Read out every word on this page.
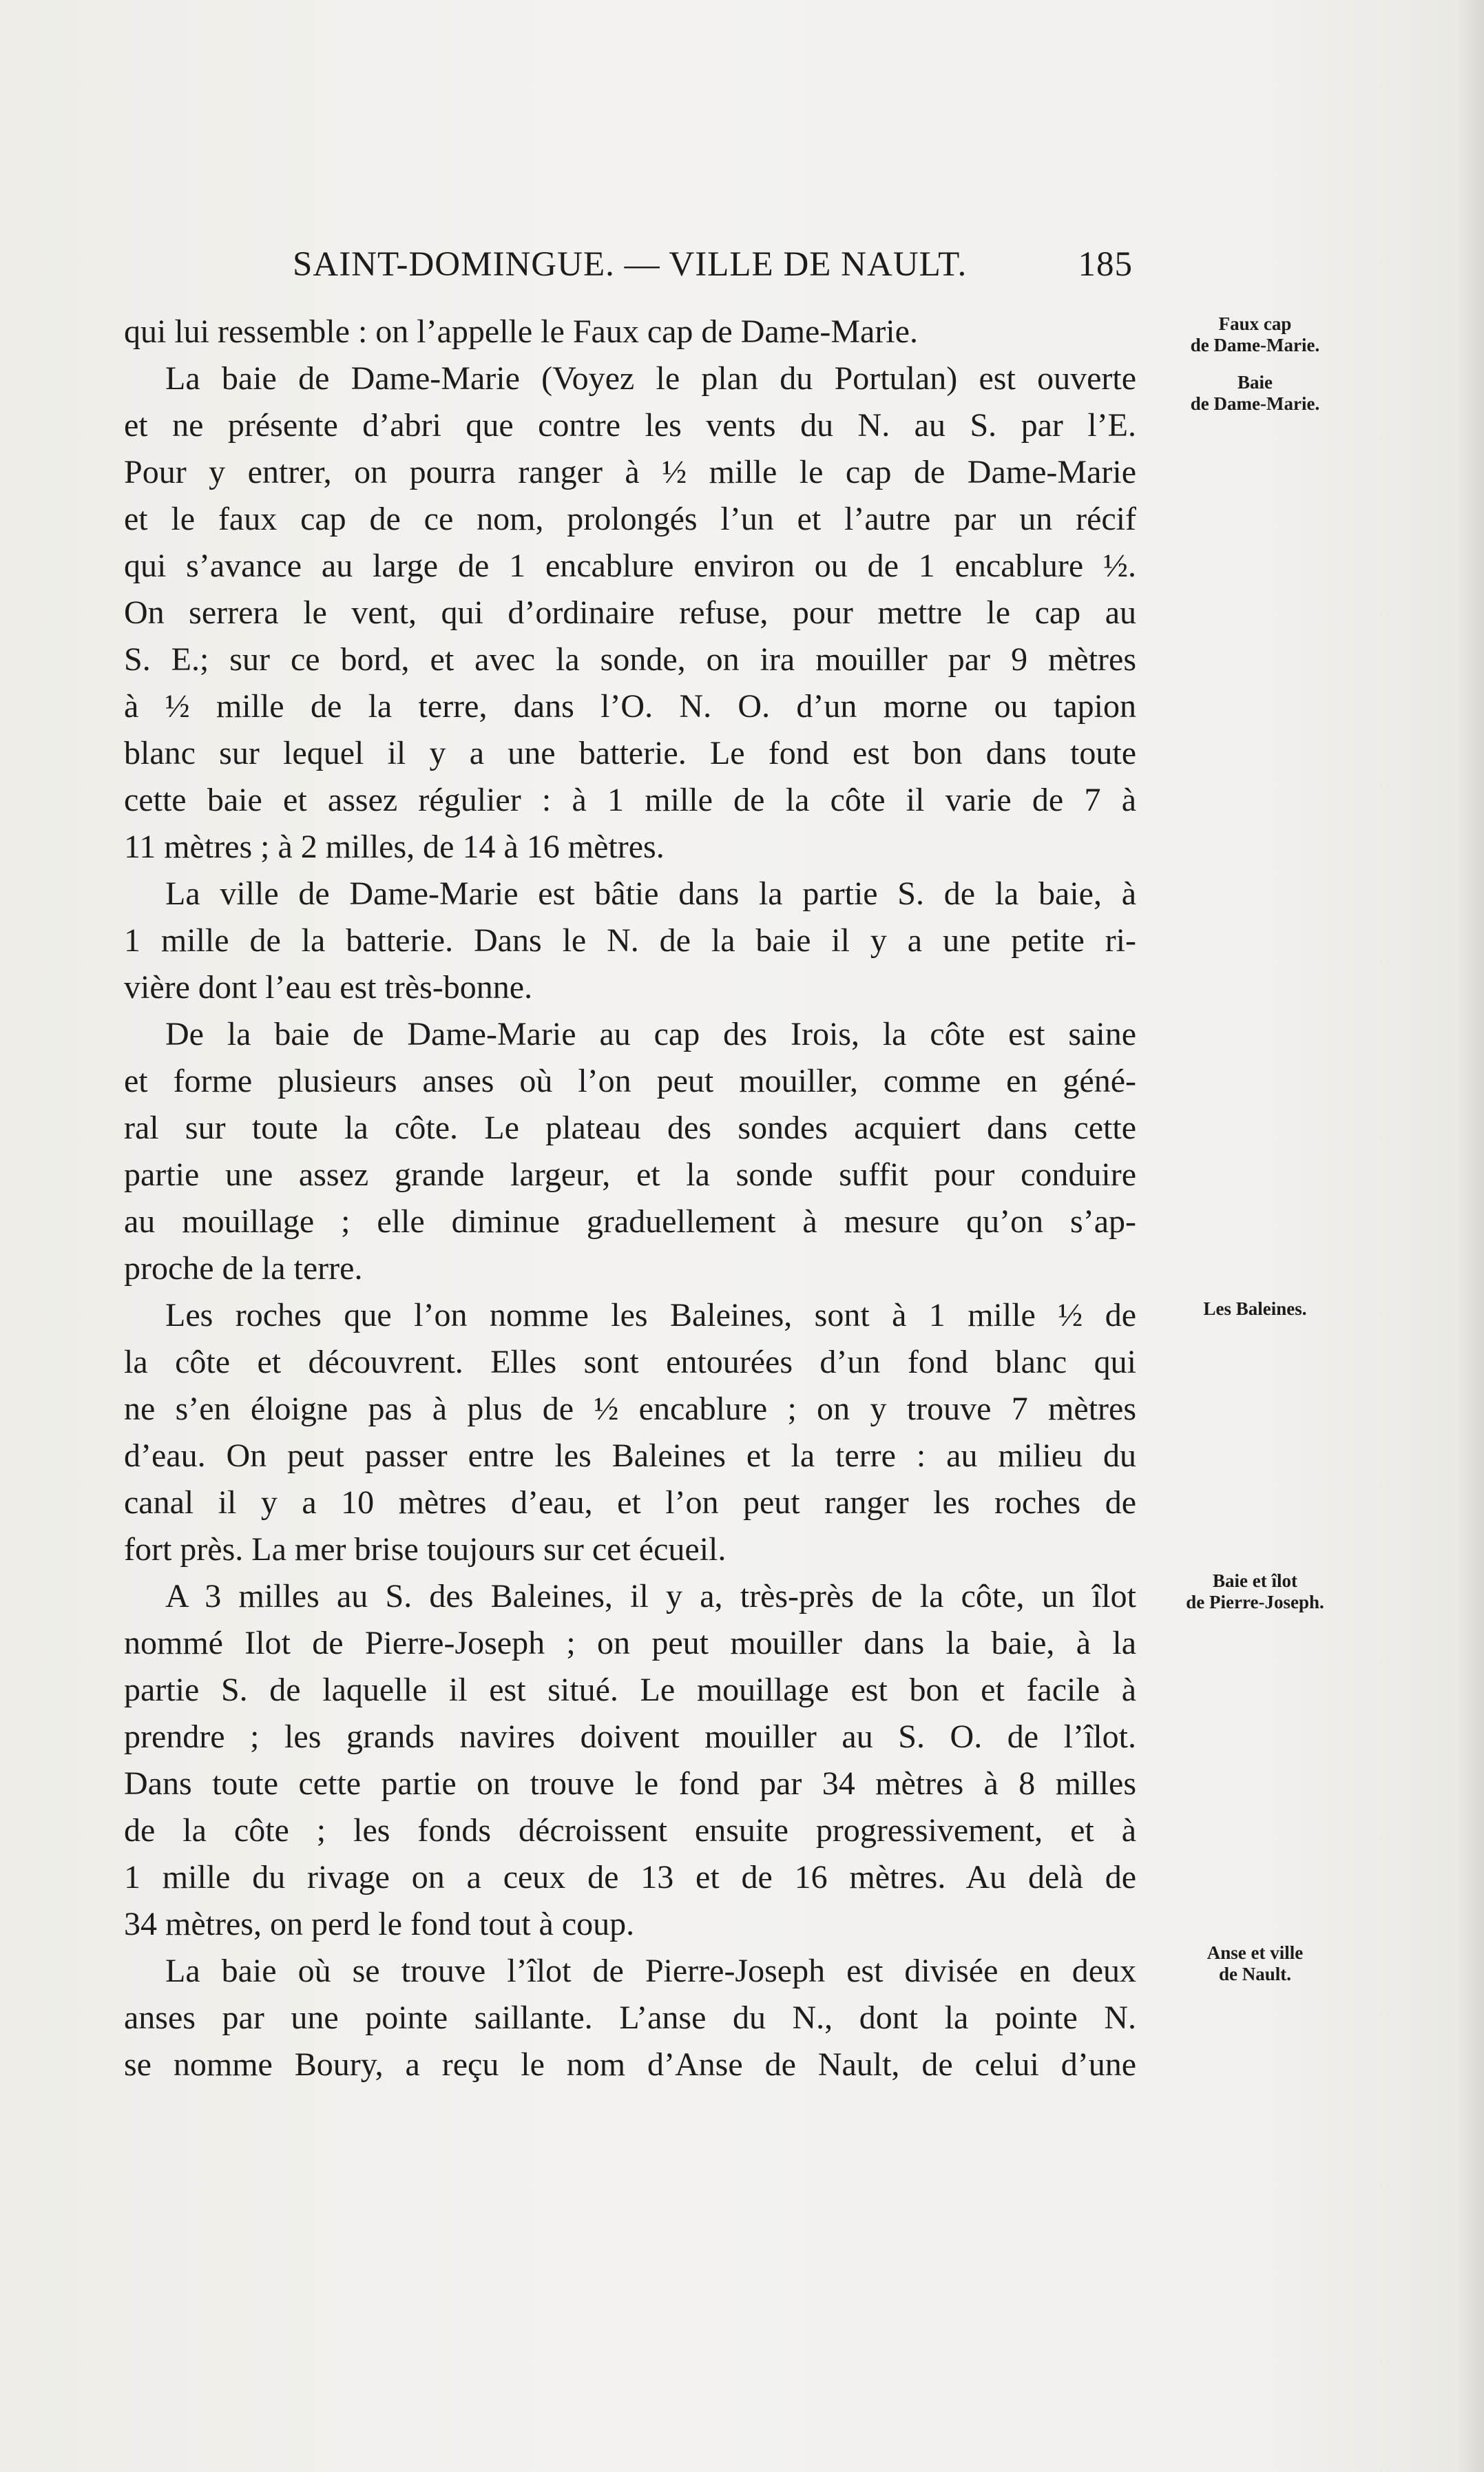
SAINT-DOMINGUE. — VILLE DE NAULT.	185
qui lui ressemble : on l’appelle le Faux cap de Dame-Marie.
La baie de Dame-Marie (Voyez le plan du Portulan) est ouverte
et ne présente d’abri que contre les vents du N. au S. par l’E.
Pour y entrer, on pourra ranger à ½ mille le cap de Dame-Marie
et le faux cap de ce nom, prolongés l’un et l’autre par un récif
qui s’avance au large de 1 encablure environ ou de 1 encablure ½.
On serrera le vent, qui d’ordinaire refuse, pour mettre le cap au
S. E.; sur ce bord, et avec la sonde, on ira mouiller par 9 mètres
à ½ mille de la terre, dans l’O. N. O. d’un morne ou tapion
blanc sur lequel il y a une batterie. Le fond est bon dans toute
cette baie et assez régulier : à 1 mille de la côte il varie de 7 à
11 mètres ; à 2 milles, de 14 à 16 mètres.
La ville de Dame-Marie est bâtie dans la partie S. de la baie, à
1 mille de la batterie. Dans le N. de la baie il y a une petite ri-
vière dont l’eau est très-bonne.
De la baie de Dame-Marie au cap des Irois, la côte est saine
et forme plusieurs anses où l’on peut mouiller, comme en géné-
ral sur toute la côte. Le plateau des sondes acquiert dans cette
partie une assez grande largeur, et la sonde suffit pour conduire
au mouillage ; elle diminue graduellement à mesure qu’on s’ap-
proche de la terre.
Les roches que l’on nomme les Baleines, sont à 1 mille ½ de
la côte et découvrent. Elles sont entourées d’un fond blanc qui
ne s’en éloigne pas à plus de ½ encablure ; on y trouve 7 mètres
d’eau. On peut passer entre les Baleines et la terre : au milieu du
canal il y a 10 mètres d’eau, et l’on peut ranger les roches de
fort près. La mer brise toujours sur cet écueil.
A 3 milles au S. des Baleines, il y a, très-près de la côte, un îlot
nommé Ilot de Pierre-Joseph ; on peut mouiller dans la baie, à la
partie S. de laquelle il est situé. Le mouillage est bon et facile à
prendre ; les grands navires doivent mouiller au S. O. de l’îlot.
Dans toute cette partie on trouve le fond par 34 mètres à 8 milles
de la côte ; les fonds décroissent ensuite progressivement, et à
1 mille du rivage on a ceux de 13 et de 16 mètres. Au delà de
34 mètres, on perd le fond tout à coup.
La baie où se trouve l’îlot de Pierre-Joseph est divisée en deux
anses par une pointe saillante. L’anse du N., dont la pointe N.
se nomme Boury, a reçu le nom d’Anse de Nault, de celui d’une
Faux cap
de Dame-Marie.
Baie
de Dame-Marie.
Les Baleines.
Baie et îlot
de Pierre-Joseph.
Anse et ville
de Nault.
